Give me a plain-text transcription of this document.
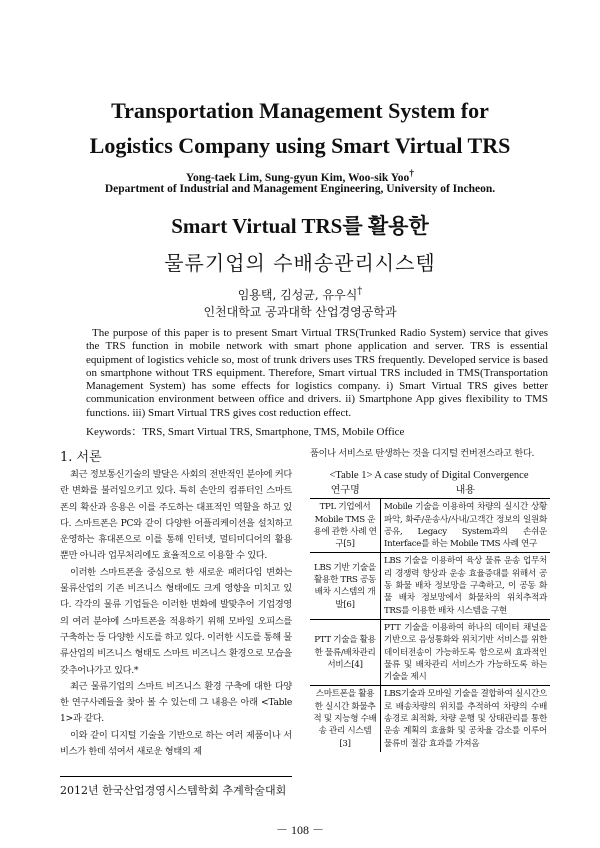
Transportation Management System for
Logistics Company using Smart Virtual TRS
Yong-taek Lim, Sung-gyun Kim, Woo-sik Yoo†
Department of Industrial and Management Engineering, University of Incheon.
Smart Virtual TRS를 활용한
물류기업의 수배송관리시스템
임용택, 김성균, 유우식†
인천대학교 공과대학 산업경영공학과
The purpose of this paper is to present Smart Virtual TRS(Trunked Radio System) service that gives the TRS function in mobile network with smart phone application and server. TRS is essential equipment of logistics vehicle so, most of trunk drivers uses TRS frequently. Developed service is based on smartphone without TRS equipment. Therefore, Smart virtual TRS included in TMS(Transportation Management System) has some effects for logistics company. i) Smart Virtual TRS gives better communication environment between office and drivers. ii) Smartphone App gives flexibility to TMS functions. iii) Smart Virtual TRS gives cost reduction effect.
Keywords：TRS, Smart Virtual TRS, Smartphone, TMS, Mobile Office
1. 서론

최근 정보통신기술의 발달은 사회의 전반적인 분야에 커다란 변화를 불러일으키고 있다. 특히 손안의 컴퓨터인 스마트폰의 확산과 응용은 이를 주도하는 대표적인 역할을 하고 있다. 스마트폰은 PC와 같이 다양한 어플리케이션을 설치하고 운영하는 휴대폰으로 이를 통해 인터넷, 멀티미디어의 활용뿐만 아니라 업무처리에도 효율적으로 이용할 수 있다.

이러한 스마트폰을 중심으로 한 새로운 패러다임 변화는 물류산업의 기존 비즈니스 형태에도 크게 영향을 미치고 있다. 각각의 물류 기업들은 이러한 변화에 발맞추어 기업경영의 여러 분야에 스마트폰을 적용하기 위해 모바일 오피스를 구축하는 등 다양한 시도를 하고 있다. 이러한 시도를 통해 물류산업의 비즈니스 형태도 스마트 비즈니스 환경으로 모습을 갖추어나가고 있다.*

최근 물류기업의 스마트 비즈니스 환경 구축에 대한 다양한 연구사례들을 찾아 볼 수 있는데 그 내용은 아래 <Table 1>과 같다.

이와 같이 디지털 기술을 기반으로 하는 여러 제품이나 서비스가 한데 섞여서 새로운 형태의 제

2012년 한국산업경영시스템학회 추계학술대회
품이나 서비스로 탄생하는 것을 디지털 컨버전스라고 한다.
<Table 1> A case study of Digital Convergence
연구명	내용
TPL 기업에서 Mobile TMS 운용에 관한 사례 연구[5]	Mobile 기술을 이용하여 차량의 실시간 상황파악, 화주/운송사/사내/고객간 정보의 일원화 공유, Legacy System과의 손쉬운 Interface를 하는 Mobile TMS 사례 연구
LBS 기반 기술을 활용한 TRS 공동 배차 시스템의 개발[6]	LBS 기술을 이용하여 육상 물류 운송 업무처리 경쟁력 향상과 운송 효율증대를 위해서 공동 화물 배차 정보망을 구축하고, 이 공동 화물 배차 정보망에서 화물차의 위치추적과 TRS를 이용한 배차 시스템을 구현
PTT 기술을 활용한 물류/배차관리 서비스[4]	PTT 기술을 이용하여 하나의 데이터 채널을 기반으로 음성통화와 위치기반 서비스를 위한 데이터전송이 가능하도록 함으로써 효과적인 물류 및 배차관리 서비스가 가능하도록 하는 기술을 제시
스마트폰을 활용한 실시간 화물추적 및 지능형 수배송 관리 시스템[3]	LBS기술과 모바일 기술을 결합하여 실시간으로 배송차량의 위치를 추적하여 차량의 수배송경로 최적화, 차량 운행 및 상태관리를 통한 운송 계획의 효율화 및 공차율 감소를 이루어 물류비 절감 효과를 가져옴
－ 108 －
